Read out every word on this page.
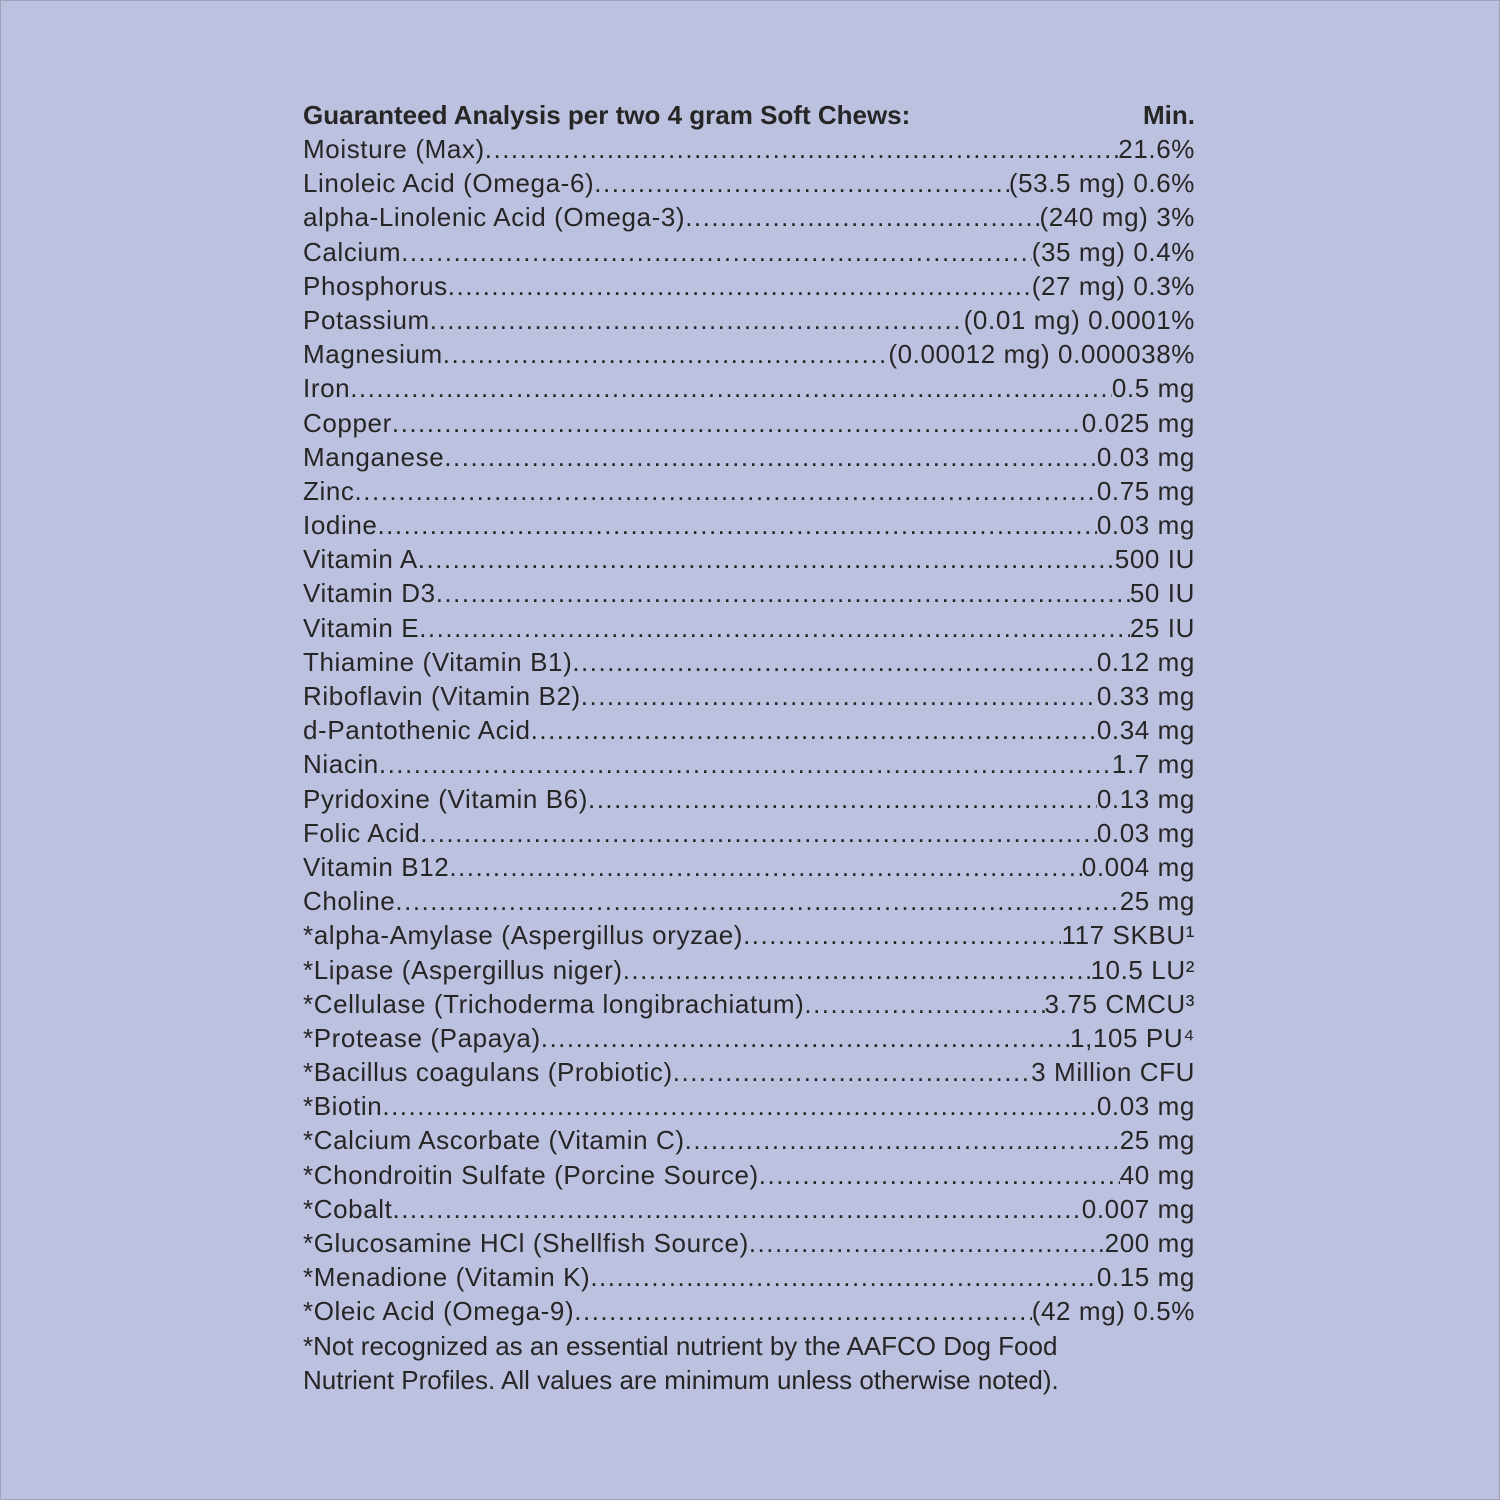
Guaranteed Analysis per two 4 gram Soft Chews:	Min.
Moisture (Max) .....	21.6%
Linoleic Acid (Omega-6) .....	(53.5 mg) 0.6%
alpha-Linolenic Acid (Omega-3) .....	(240 mg) 3%
Calcium .....	(35 mg) 0.4%
Phosphorus .....	(27 mg) 0.3%
Potassium .....	(0.01 mg) 0.0001%
Magnesium .....	(0.00012 mg) 0.000038%
Iron .....	0.5 mg
Copper .....	0.025 mg
Manganese .....	0.03 mg
Zinc .....	0.75 mg
Iodine .....	0.03 mg
Vitamin A .....	500 IU
Vitamin D3 .....	50 IU
Vitamin E .....	25 IU
Thiamine (Vitamin B1) .....	0.12 mg
Riboflavin (Vitamin B2) .....	0.33 mg
d-Pantothenic Acid .....	0.34 mg
Niacin .....	1.7 mg
Pyridoxine (Vitamin B6) .....	0.13 mg
Folic Acid .....	0.03 mg
Vitamin B12 .....	0.004 mg
Choline .....	25 mg
*alpha-Amylase (Aspergillus oryzae) .....	117 SKBU¹
*Lipase (Aspergillus niger) .....	10.5 LU²
*Cellulase (Trichoderma longibrachiatum) .....	3.75 CMCU³
*Protease (Papaya) .....	1,105 PU⁴
*Bacillus coagulans (Probiotic) .....	3 Million CFU
*Biotin .....	0.03 mg
*Calcium Ascorbate (Vitamin C) .....	25 mg
*Chondroitin Sulfate (Porcine Source) .....	40 mg
*Cobalt .....	0.007 mg
*Glucosamine HCl (Shellfish Source) .....	200 mg
*Menadione (Vitamin K) .....	0.15 mg
*Oleic Acid (Omega-9) .....	(42 mg) 0.5%
*Not recognized as an essential nutrient by the AAFCO Dog Food
Nutrient Profiles. All values are minimum unless otherwise noted).
